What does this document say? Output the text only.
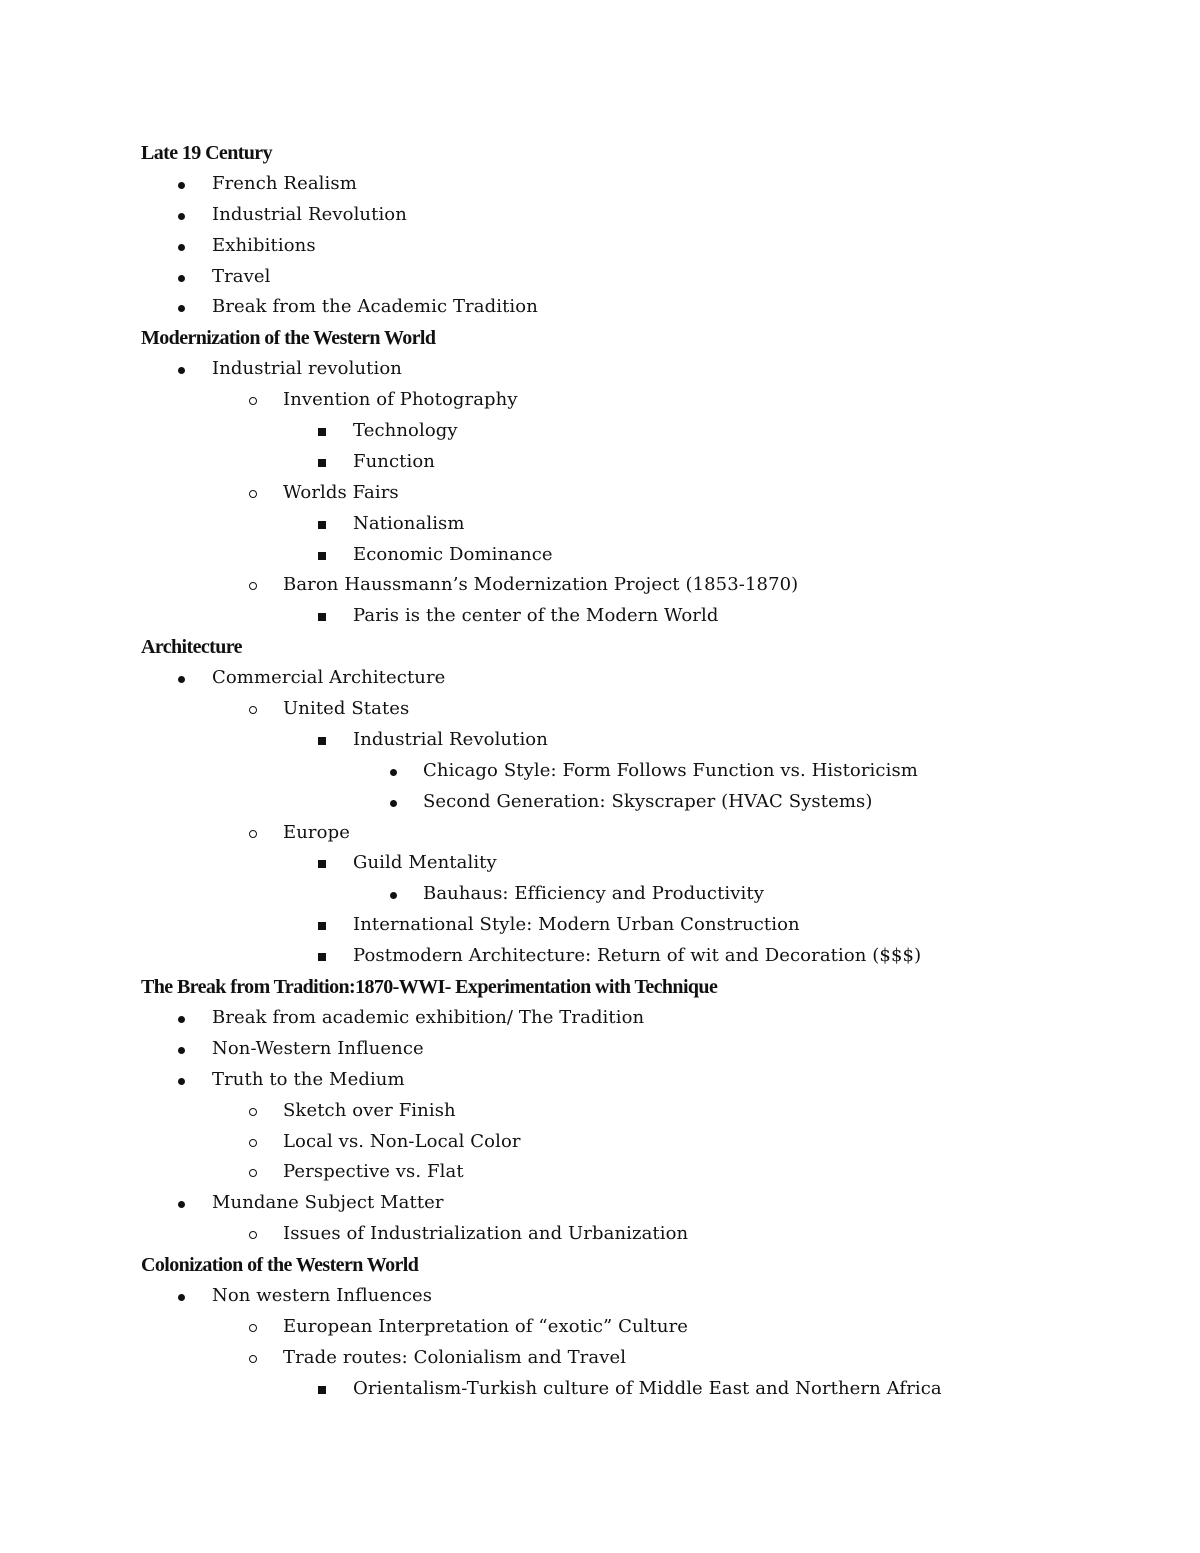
Late 19 Century
French Realism
Industrial Revolution
Exhibitions
Travel
Break from the Academic Tradition
Modernization of the Western World
Industrial revolution
Invention of Photography
Technology
Function
Worlds Fairs
Nationalism
Economic Dominance
Baron Haussmann’s Modernization Project (1853-1870)
Paris is the center of the Modern World
Architecture
Commercial Architecture
United States
Industrial Revolution
Chicago Style: Form Follows Function vs. Historicism
Second Generation: Skyscraper (HVAC Systems)
Europe
Guild Mentality
Bauhaus: Efficiency and Productivity
International Style: Modern Urban Construction
Postmodern Architecture: Return of wit and Decoration ($$$)
The Break from Tradition:1870-WWI- Experimentation with Technique
Break from academic exhibition/ The Tradition
Non-Western Influence
Truth to the Medium
Sketch over Finish
Local vs. Non-Local Color
Perspective vs. Flat
Mundane Subject Matter
Issues of Industrialization and Urbanization
Colonization of the Western World
Non western Influences
European Interpretation of “exotic” Culture
Trade routes: Colonialism and Travel
Orientalism-Turkish culture of Middle East and Northern Africa
